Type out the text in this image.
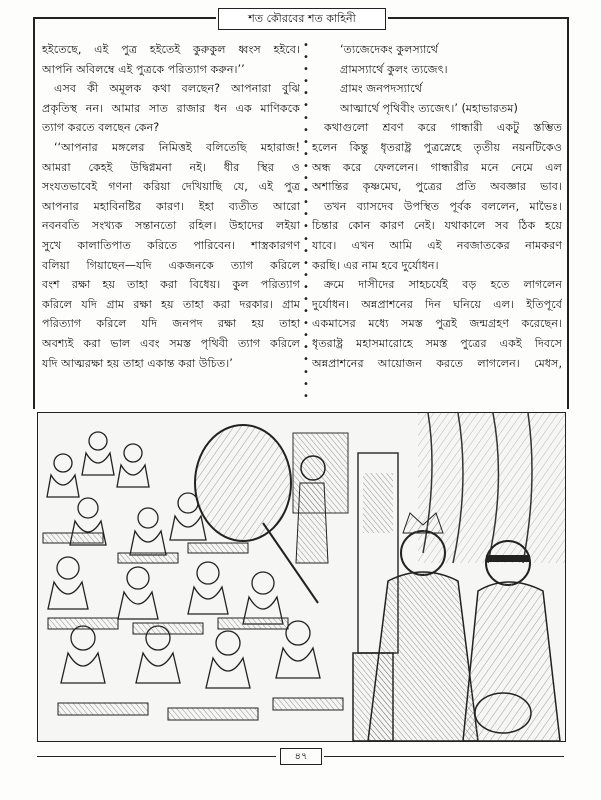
শত কৌরবের শত কাহিনী

হইতেছে, এই পুত্র হইতেই কুরুকুল ধ্বংস হইবে।

আপনি অবিলম্বে এই পুত্রকে পরিত্যাগ করুন।’’

এসব কী অমূলক কথা বলছেন? আপনারা বুঝি

প্রকৃতিস্থ নন। আমার সাত রাজার ধন এক মাণিককে

ত্যাগ করতে বলছেন কেন?

‘‘আপনার মঙ্গলের নিমিত্তই বলিতেছি মহারাজ!

আমরা কেহই উদ্বিগ্নমনা নই। ধীর স্থির ও

সংযতভাবেই গণনা করিয়া দেখিয়াছি যে, এই পুত্র

আপনার মহাবিনষ্টির কারণ। ইহা ব্যতীত আরো

নবনবতি সংখ্যক সন্তানতো রহিল। উহাদের লইয়া

সুখে কালাতিপাত করিতে পারিবেন। শাস্ত্রকারগণ

বলিয়া গিয়াছেন—যদি একজনকে ত্যাগ করিলে

বংশ রক্ষা হয় তাহা করা বিধেয়। কুল পরিত্যাগ

করিলে যদি গ্রাম রক্ষা হয় তাহা করা দরকার। গ্রাম

পরিত্যাগ করিলে যদি জনপদ রক্ষা হয় তাহা

অবশ্যই করা ভাল এবং সমস্ত পৃথিবী ত্যাগ করিলে

যদি আত্মরক্ষা হয় তাহা একান্ত করা উচিত।’

•
•
•
•
•
•
•
•
•
•
•
•
•
•
•
•
•
•
•
•
•
•
•
•
•
•
•
•
•
•

‘ত্যজেদেকং কুলস্যার্থে

গ্রামস্যার্থে কুলং ত্যজেৎ।

গ্রামং জনপদস্যার্থে

আত্মার্থে পৃথিবীং ত্যজেৎ।’ (মহাভারতম)

কথাগুলো শ্রবণ করে গান্ধারী একটু স্তম্ভিত

হলেন কিন্তু ধৃতরাষ্ট্র পুত্রস্নেহে তৃতীয় নয়নটিকেও

অন্ধ করে ফেললেন। গান্ধারীর মনে নেমে এল

অশান্তির কৃষ্ণমেঘ, পুত্রের প্রতি অবজ্ঞার ভাব।

তখন ব্যাসদেব উপস্থিত পূর্বক বললেন, মাভৈঃ।

চিন্তার কোন কারণ নেই। যথাকালে সব ঠিক হয়ে

যাবে। এখন আমি এই নবজাতকের নামকরণ

করছি। এর নাম হবে দুর্যোধন।

ক্রমে দাসীদের সাহচর্যেই বড় হতে লাগলেন

দুর্যোধন। অন্নপ্রাশনের দিন ঘনিয়ে এল। ইতিপূর্বে

একমাসের মধ্যে সমস্ত পুত্রই জন্মগ্রহণ করেছেন।

ধৃতরাষ্ট্র মহাসমারোহে সমস্ত পুত্রের একই দিবসে

অন্নপ্রাশনের আয়োজন করতে লাগলেন। মেধস,

৪৭
